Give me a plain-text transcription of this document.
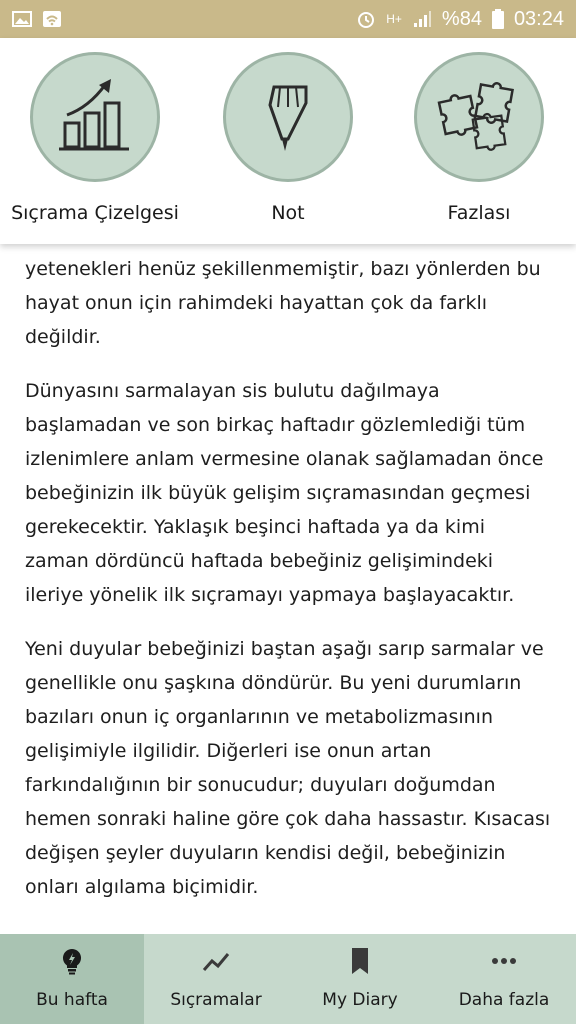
H+ %84 03:24
Sıçrama Çizelgesi	Not	Fazlası

yetenekleri henüz şekillenmemiştir, bazı yönlerden bu hayat onun için rahimdeki hayattan çok da farklı değildir.

Dünyasını sarmalayan sis bulutu dağılmaya başlamadan ve son birkaç haftadır gözlemlediği tüm izlenimlere anlam vermesine olanak sağlamadan önce bebeğinizin ilk büyük gelişim sıçramasından geçmesi gerekecektir. Yaklaşık beşinci haftada ya da kimi zaman dördüncü haftada bebeğiniz gelişimindeki ileriye yönelik ilk sıçramayı yapmaya başlayacaktır.

Yeni duyular bebeğinizi baştan aşağı sarıp sarmalar ve genellikle onu şaşkına döndürür. Bu yeni durumların bazıları onun iç organlarının ve metabolizmasının gelişimiyle ilgilidir. Diğerleri ise onun artan farkındalığının bir sonucudur; duyuları doğumdan hemen sonraki haline göre çok daha hassastır. Kısacası değişen şeyler duyuların kendisi değil, bebeğinizin onları algılama biçimidir.

Bu hafta	Sıçramalar	My Diary	Daha fazla
